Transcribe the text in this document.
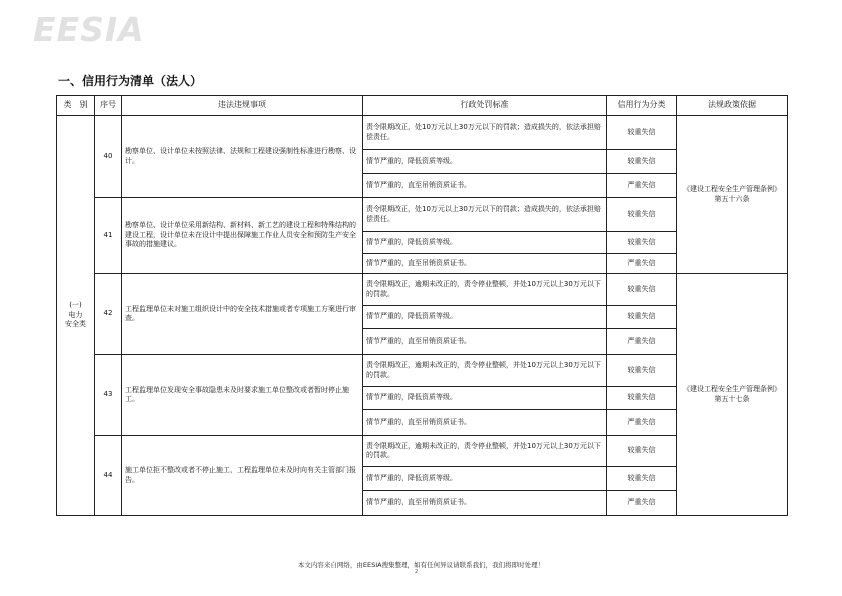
EESIA
一、信用行为清单（法人）
类　别	序号	违法违规事项	行政处罚标准	信用行为分类	法规政策依据

(一)
电力
安全类	40	勘察单位、设计单位未按照法律、法规和工程建设强制性标准进行勘察、设计。	责令限期改正，处10万元以上30万元以下的罚款；造成损失的，依法承担赔偿责任。	较重失信	《建设工程安全生产管理条例》第五十六条
			情节严重的，降低资质等级。	较重失信	
			情节严重的，直至吊销资质证书。	严重失信	
	41	勘察单位、设计单位采用新结构、新材料、新工艺的建设工程和特殊结构的建设工程，设计单位未在设计中提出保障施工作业人员安全和预防生产安全事故的措施建议。	责令限期改正，处10万元以上30万元以下的罚款；造成损失的，依法承担赔偿责任。	较重失信	
			情节严重的，降低资质等级。	较重失信	
			情节严重的，直至吊销资质证书。	严重失信	
	42	工程监理单位未对施工组织设计中的安全技术措施或者专项施工方案进行审查。	责令限期改正，逾期未改正的，责令停业整顿，并处10万元以上30万元以下的罚款。	较重失信	《建设工程安全生产管理条例》第五十七条
			情节严重的，降低资质等级。	较重失信	
			情节严重的，直至吊销资质证书。	严重失信	
	43	工程监理单位发现安全事故隐患未及时要求施工单位整改或者暂时停止施工。	责令限期改正，逾期未改正的，责令停业整顿，并处10万元以上30万元以下的罚款。	较重失信	
			情节严重的，降低资质等级。	较重失信	
			情节严重的，直至吊销资质证书。	严重失信	
	44	施工单位拒不整改或者不停止施工，工程监理单位未及时向有关主管部门报告。	责令限期改正，逾期未改正的，责令停业整顿，并处10万元以上30万元以下的罚款。	较重失信	
			情节严重的，降低资质等级。	较重失信	
			情节严重的，直至吊销资质证书。	严重失信	
本文内容来自网络，由EESIA搜集整理，如有任何异议请联系我们，我们将即时处理！
2
